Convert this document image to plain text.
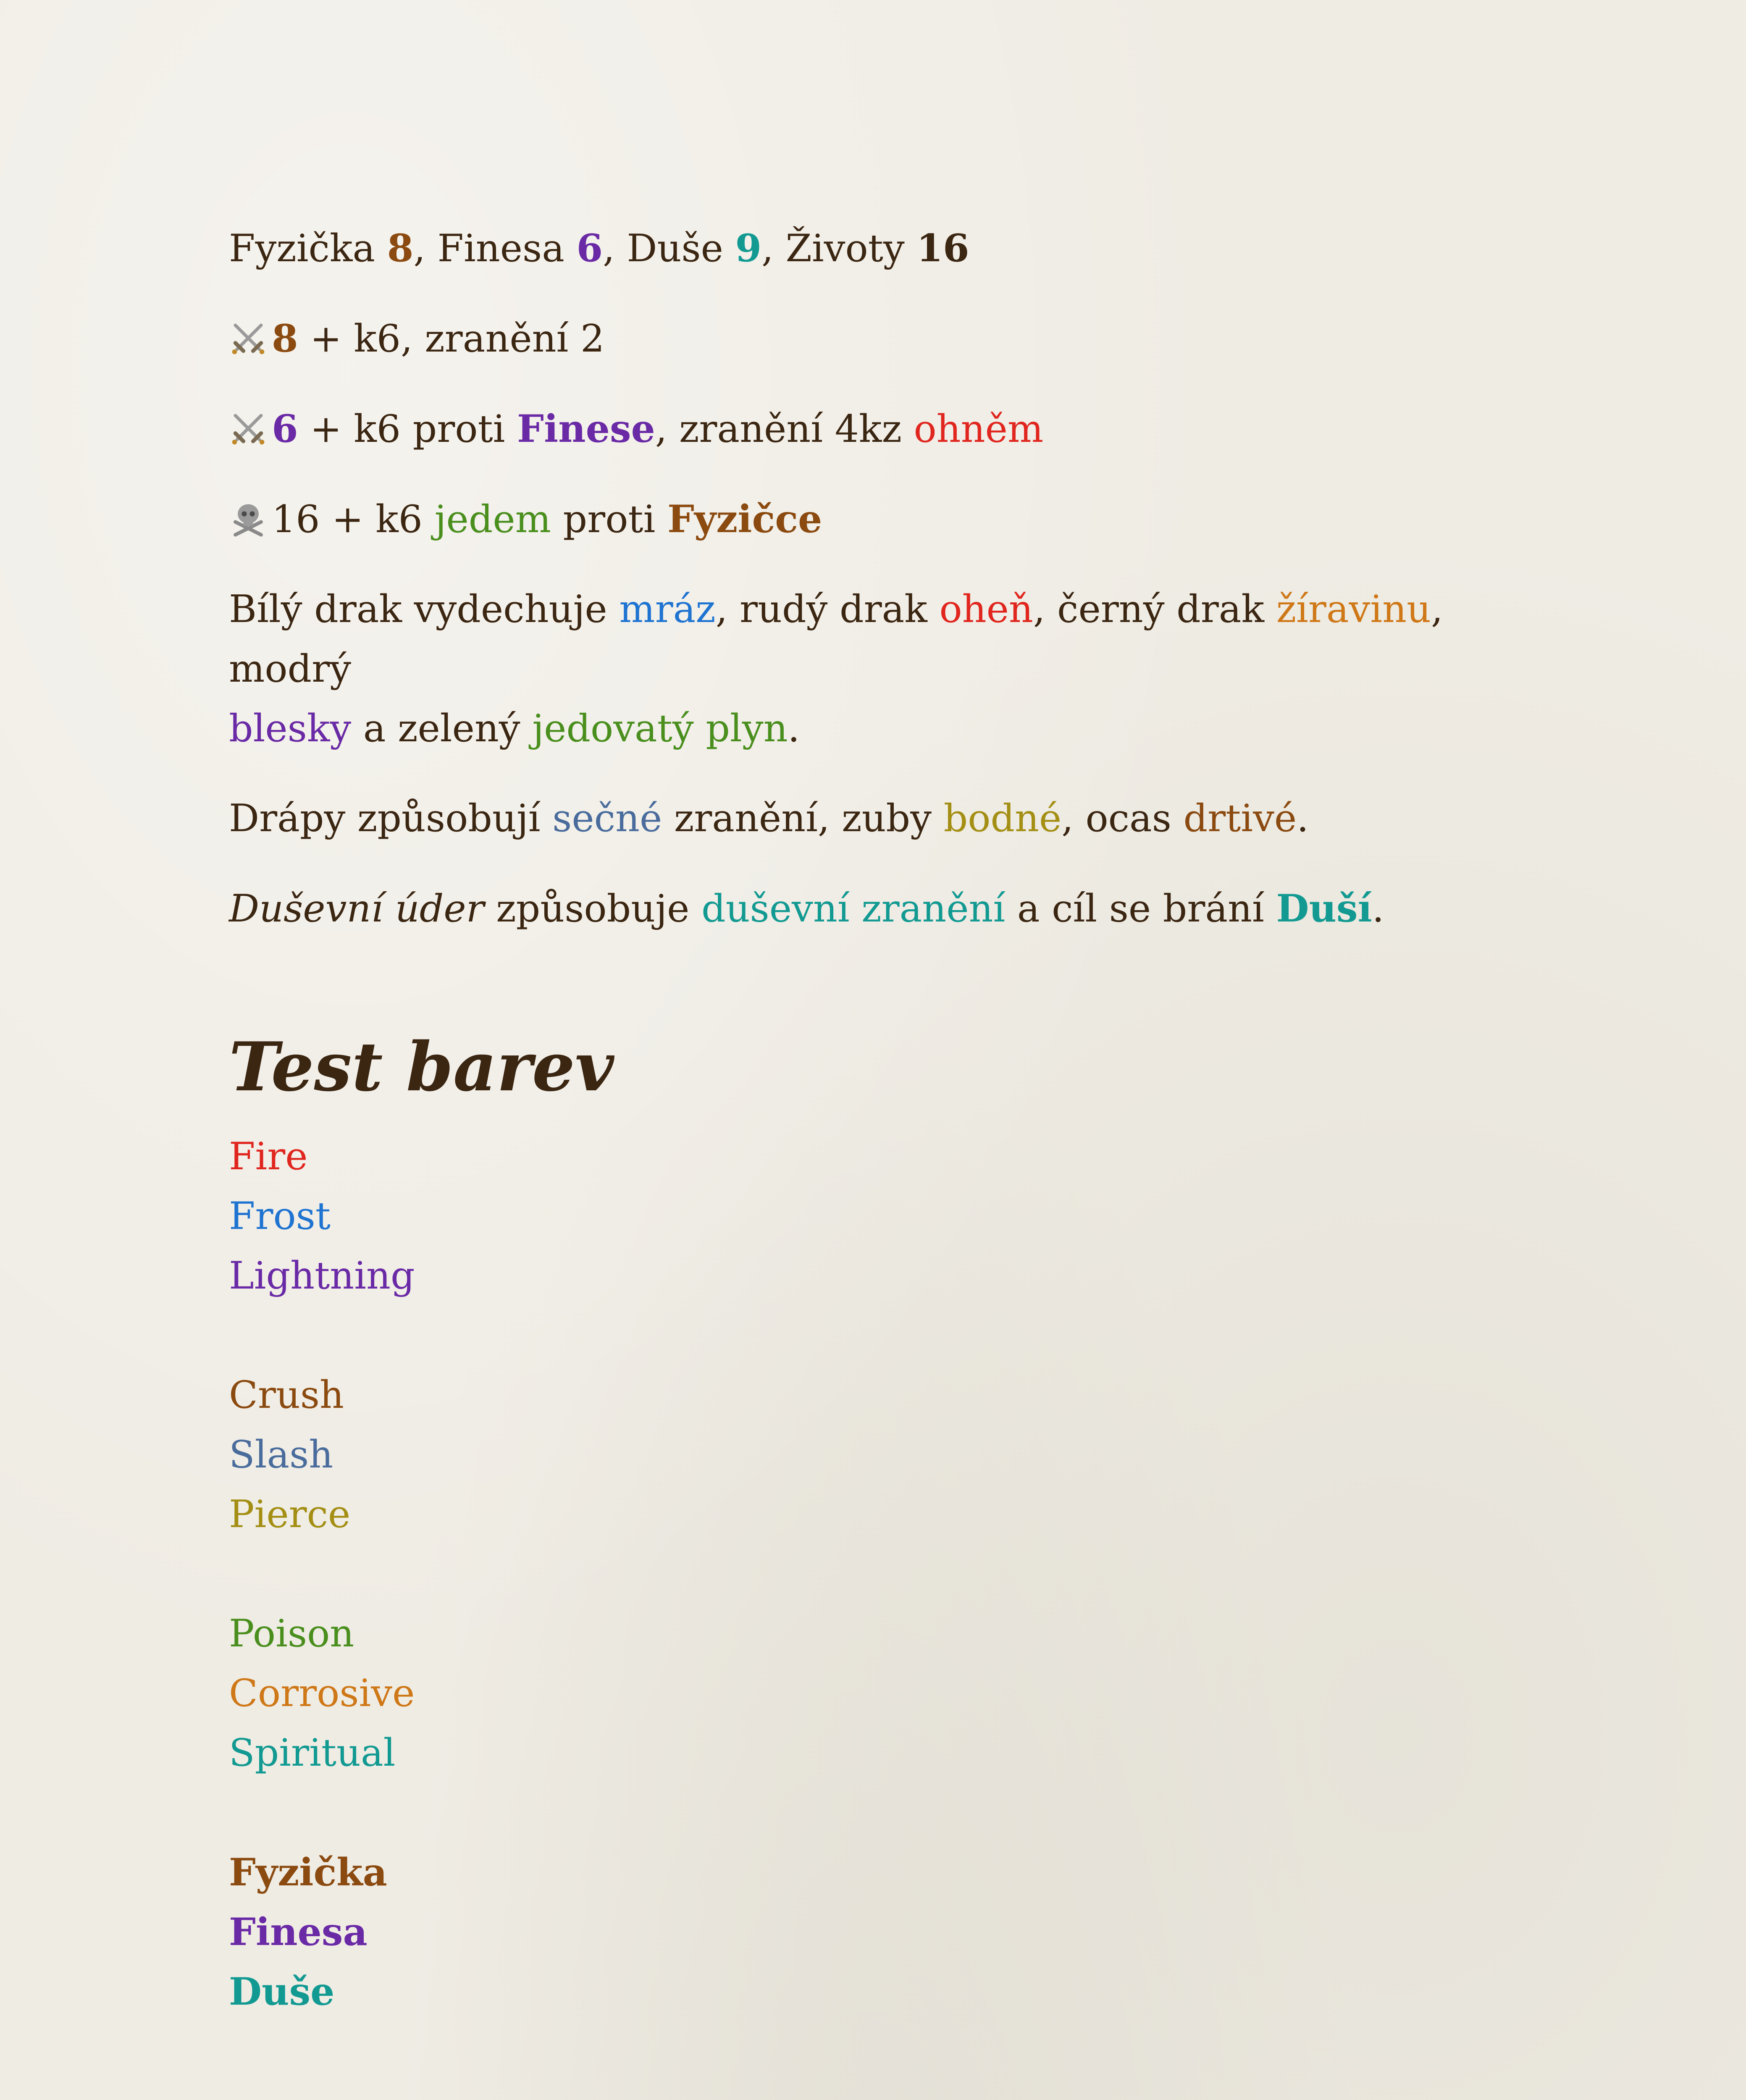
Fyzička 8, Finesa 6, Duše 9, Životy 16

8 + k6, zranění 2

6 + k6 proti Finese, zranění 4kz ohněm

16 + k6 jedem proti Fyzičce

Bílý drak vydechuje mráz, rudý drak oheň, černý drak žíravinu, modrý
blesky a zelený jedovatý plyn.

Drápy způsobují sečné zranění, zuby bodné, ocas drtivé.

Duševní úder způsobuje duševní zranění a cíl se brání Duší.

Test barev
Fire
Frost
Lightning
Crush
Slash
Pierce
Poison
Corrosive
Spiritual
Fyzička
Finesa
Duše
